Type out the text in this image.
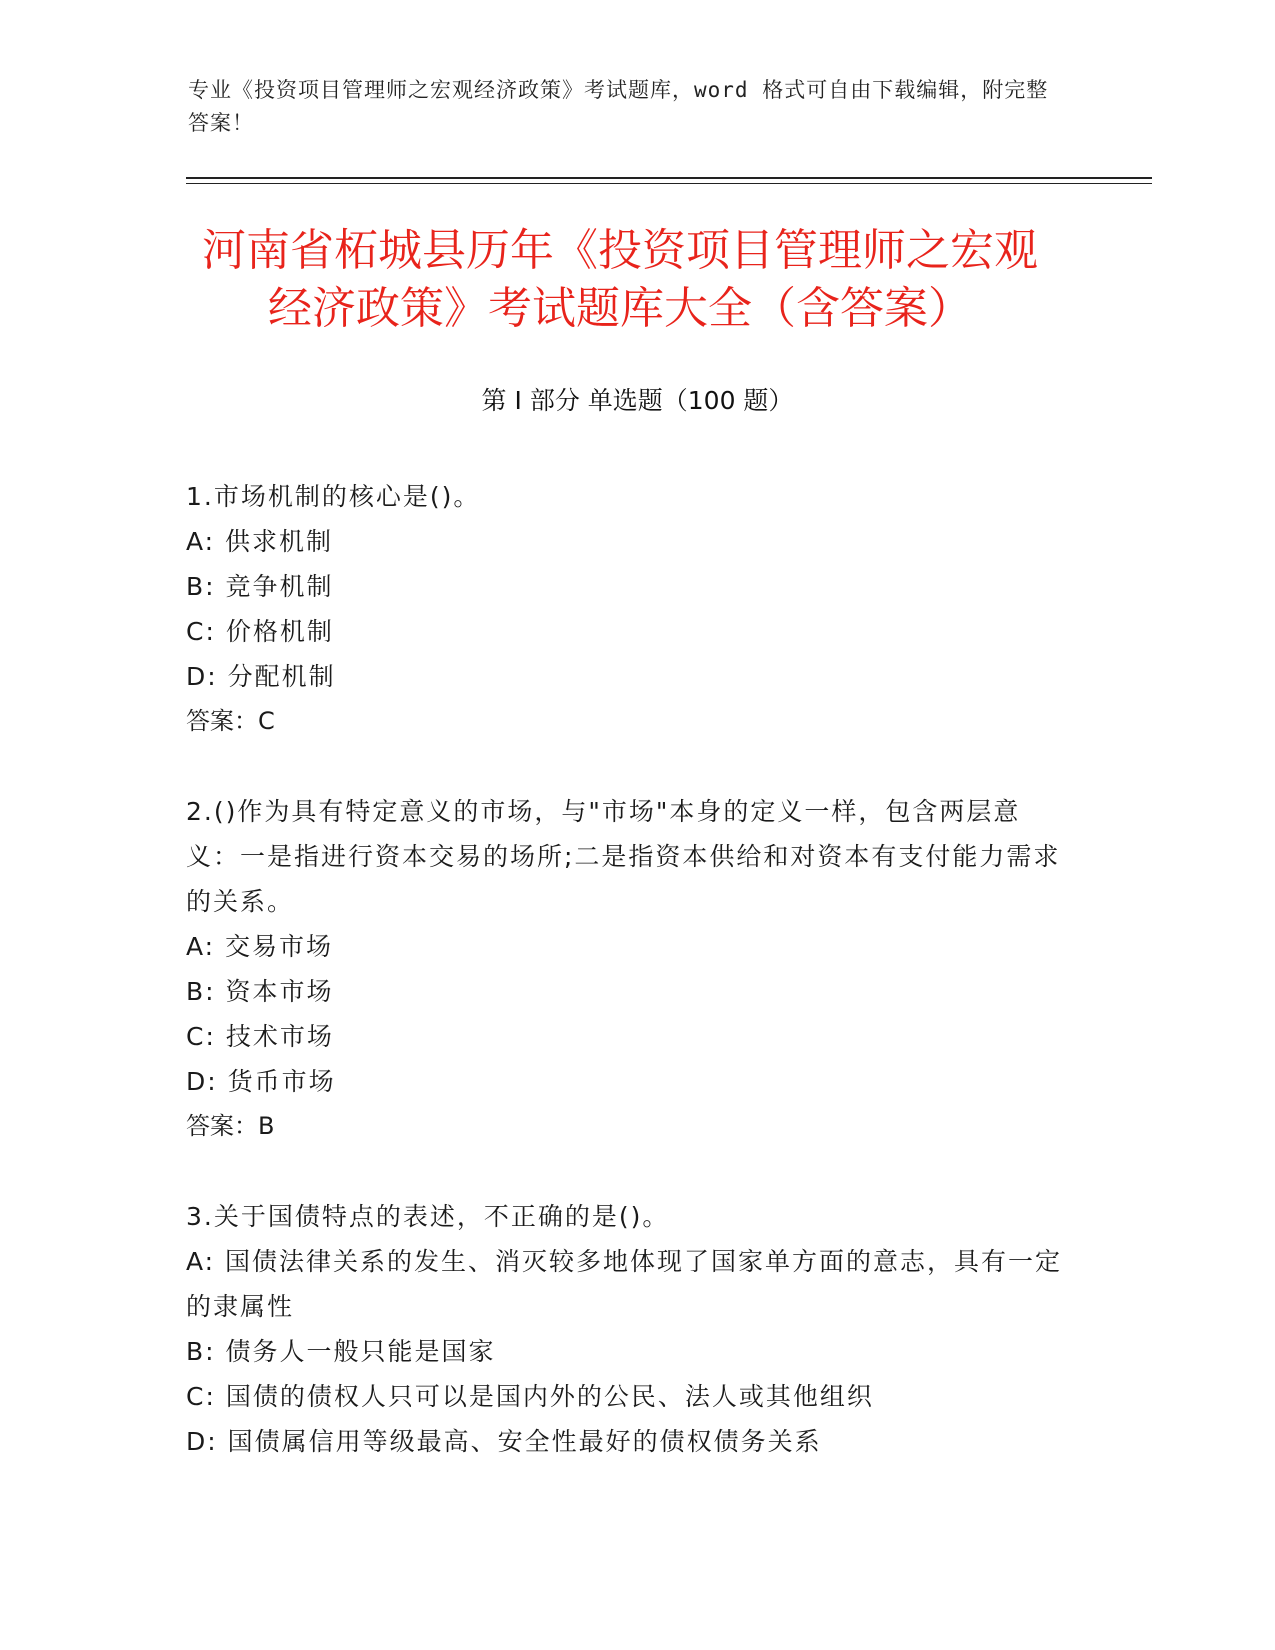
专业《投资项目管理师之宏观经济政策》考试题库，word 格式可自由下载编辑，附完整答案！
河南省柘城县历年《投资项目管理师之宏观
经济政策》考试题库大全（含答案）
第 I 部分 单选题（100 题）
1.市场机制的核心是()。
A: 供求机制
B: 竞争机制
C: 价格机制
D: 分配机制
答案：C
2.()作为具有特定意义的市场，与"市场"本身的定义一样，包含两层意义：一是指进行资本交易的场所;二是指资本供给和对资本有支付能力需求的关系。
A: 交易市场
B: 资本市场
C: 技术市场
D: 货币市场
答案：B
3.关于国债特点的表述，不正确的是()。
A: 国债法律关系的发生、消灭较多地体现了国家单方面的意志，具有一定的隶属性
B: 债务人一般只能是国家
C: 国债的债权人只可以是国内外的公民、法人或其他组织
D: 国债属信用等级最高、安全性最好的债权债务关系
